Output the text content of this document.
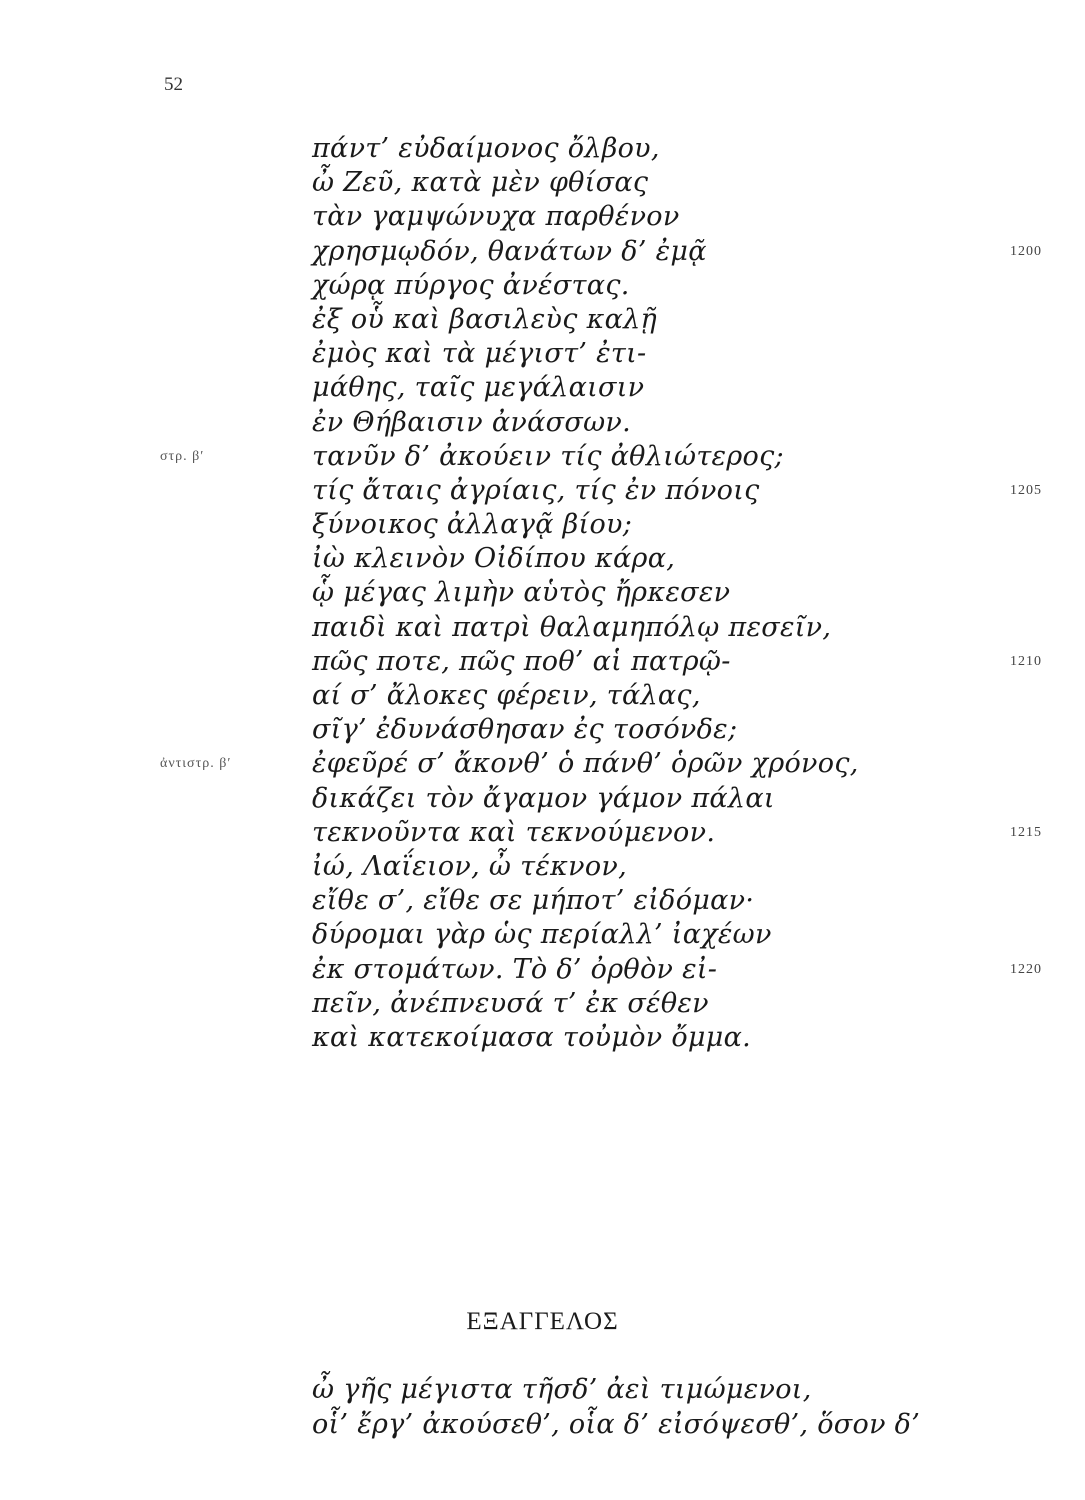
52
πάντ’ εὐδαίμονος ὄλβου,
ὦ Ζεῦ, κατὰ μὲν φθίσας
τὰν γαμψώνυχα παρθένον
χρησμῳδόν, θανάτων δ’ ἐμᾷ	1200
χώρᾳ πύργος ἀνέστας.
ἐξ οὗ καὶ βασιλεὺς καλῇ
ἐμὸς καὶ τὰ μέγιστ’ ἐτι-
μάθης, ταῖς μεγάλαισιν
ἐν Θήβαισιν ἀνάσσων.
τανῦν δ’ ἀκούειν τίς ἀθλιώτερος;
στρ. β′
τίς ἄταις ἀγρίαις, τίς ἐν πόνοις	1205
ξύνοικος ἀλλαγᾷ βίου;
ἰὼ κλεινὸν Οἰδίπου κάρα,
ᾧ μέγας λιμὴν αὑτὸς ἤρκεσεν
παιδὶ καὶ πατρὶ θαλαμηπόλῳ πεσεῖν,
πῶς ποτε, πῶς ποθ’ αἱ πατρῷ-	1210
αί σ’ ἄλοκες φέρειν, τάλας,
σῖγ’ ἐδυνάσθησαν ἐς τοσόνδε;
ἐφεῦρέ σ’ ἄκονθ’ ὁ πάνθ’ ὁρῶν χρόνος,
ἀντιστρ. β′
δικάζει τὸν ἄγαμον γάμον πάλαι
τεκνοῦντα καὶ τεκνούμενον.	1215
ἰώ, Λαΐειον, ὦ τέκνον,
εἴθε σ’, εἴθε σε μήποτ’ εἰδόμαν·
δύρομαι γὰρ ὡς περίαλλ’ ἰαχέων
ἐκ στομάτων. Τὸ δ’ ὀρθὸν εἰ-	1220
πεῖν, ἀνέπνευσά τ’ ἐκ σέθεν
καὶ κατεκοίμασα τοὐμὸν ὄμμα.
ΕΞΑΓΓΕΛΟΣ
ὦ γῆς μέγιστα τῆσδ’ ἀεὶ τιμώμενοι,
οἷ’ ἔργ’ ἀκούσεθ’, οἷα δ’ εἰσόψεσθ’, ὅσον δ’
